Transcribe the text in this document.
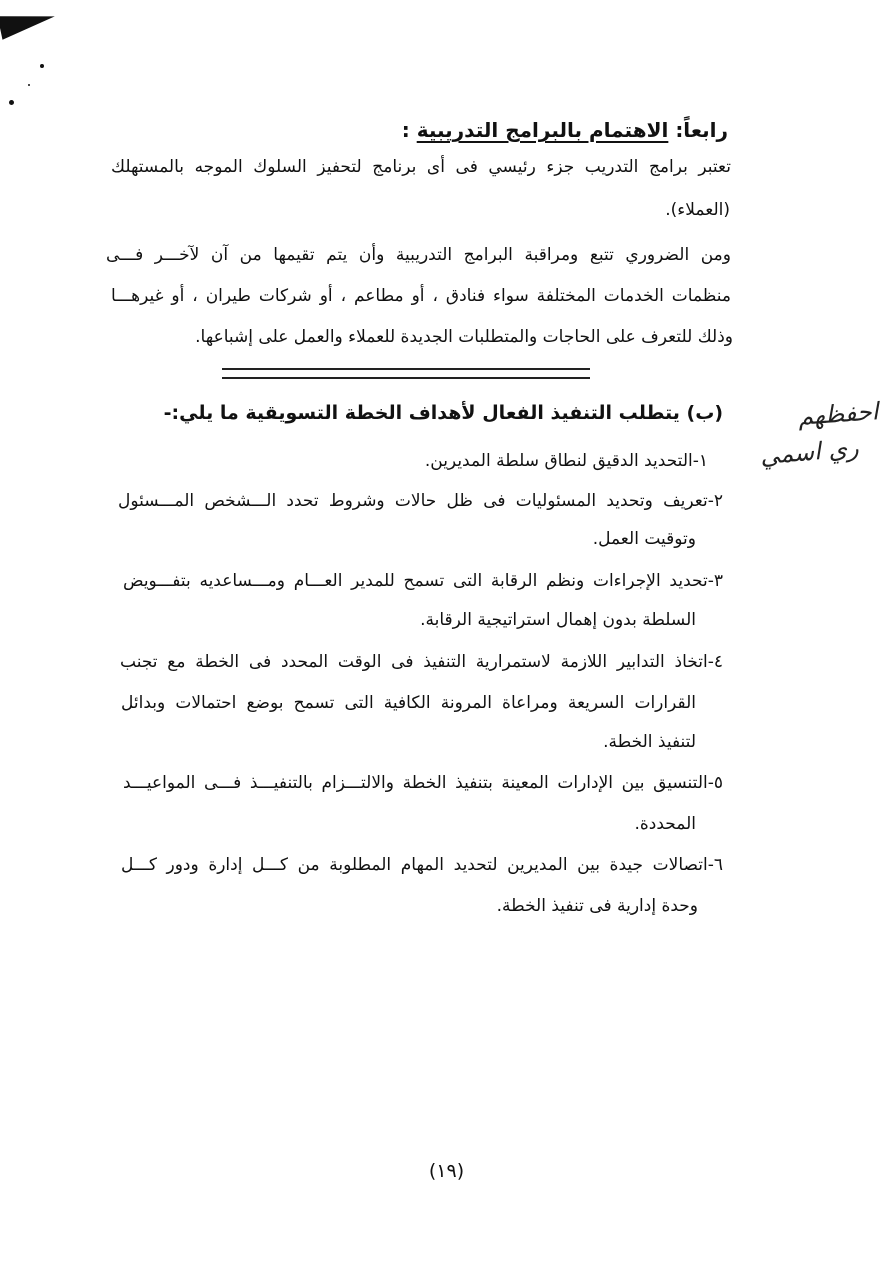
رابعاً: الاهتمام بالبرامج التدريبية :
تعتبر برامج التدريب جزء رئيسي فى أى برنامج لتحفيز السلوك الموجه بالمستهلك
(العملاء).
ومن الضروري تتبع ومراقبة البرامج التدريبية وأن يتم تقيمها من آن لآخـــر فـــى
منظمات الخدمات المختلفة سواء فنادق ، أو مطاعم ، أو شركات طيران ، أو غيرهـــا
وذلك للتعرف على الحاجات والمتطلبات الجديدة للعملاء والعمل على إشباعها.
احفظهم
ري اسمي
(ب) يتطلب التنفيذ الفعال لأهداف الخطة التسويقية ما يلي:-
١-التحديد الدقيق لنطاق سلطة المديرين.
٢-تعريف وتحديد المسئوليات فى ظل حالات وشروط تحدد الـــشخص المـــسئول
وتوقيت العمل.
٣-تحديد الإجراءات ونظم الرقابة التى تسمح للمدير العـــام ومـــساعديه بتفـــويض
السلطة بدون إهمال استراتيجية الرقابة.
٤-اتخاذ التدابير اللازمة لاستمرارية التنفيذ فى الوقت المحدد فى الخطة مع تجنب
القرارات السريعة ومراعاة المرونة الكافية التى تسمح بوضع احتمالات وبدائل
لتنفيذ الخطة.
٥-التنسيق بين الإدارات المعينة بتنفيذ الخطة والالتـــزام بالتنفيـــذ فـــى المواعيـــد
المحددة.
٦-اتصالات جيدة بين المديرين لتحديد المهام المطلوبة من كـــل إدارة ودور كـــل
وحدة إدارية فى تنفيذ الخطة.
(١٩)
